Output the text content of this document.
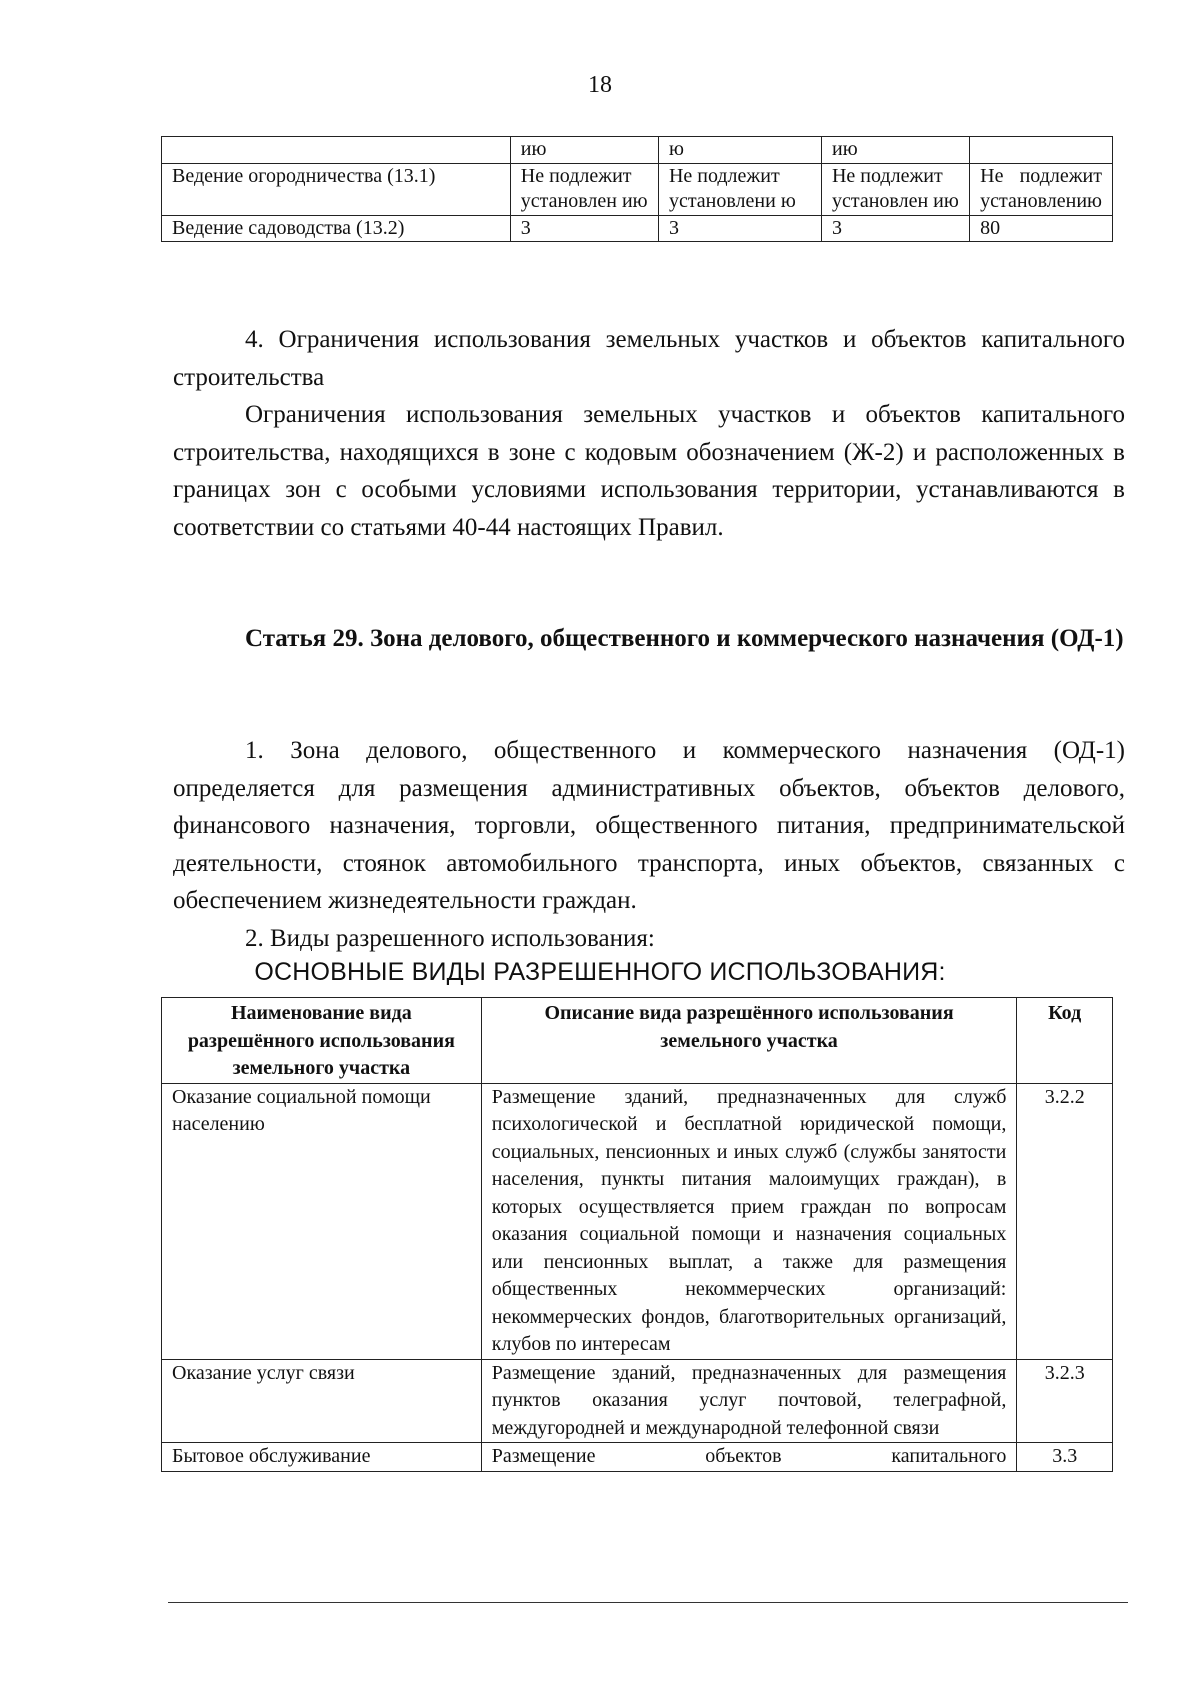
18
	ию	ю	ию	
Ведение огородничества (13.1)	Не подлежит установлен ию	Не подлежит установлени ю	Не подлежит установлен ию	Не подлежит установлению
Ведение садоводства (13.2)	3	3	3	80

4. Ограничения использования земельных участков и объектов капитального строительства

Ограничения использования земельных участков и объектов капитального строительства, находящихся в зоне с кодовым обозначением (Ж-2) и расположенных в границах зон с особыми условиями использования территории, устанавливаются в соответствии со статьями 40-44 настоящих Правил.

Статья 29. Зона делового, общественного и коммерческого назначения (ОД-1)

1. Зона делового, общественного и коммерческого назначения (ОД-1) определяется для размещения административных объектов, объектов делового, финансового назначения, торговли, общественного питания, предпринимательской деятельности, стоянок автомобильного транспорта, иных объектов, связанных с обеспечением жизнедеятельности граждан.

2. Виды разрешенного использования:

ОСНОВНЫЕ ВИДЫ РАЗРЕШЕННОГО ИСПОЛЬЗОВАНИЯ:
Наименование вида разрешённого использования земельного участка	Описание вида разрешённого использования земельного участка	Код
Оказание социальной помощи населению	Размещение зданий, предназначенных для служб психологической и бесплатной юридической помощи, социальных, пенсионных и иных служб (службы занятости населения, пункты питания малоимущих граждан), в которых осуществляется прием граждан по вопросам оказания социальной помощи и назначения социальных или пенсионных выплат, а также для размещения общественных некоммерческих организаций: некоммерческих фондов, благотворительных организаций, клубов по интересам	3.2.2
Оказание услуг связи	Размещение зданий, предназначенных для размещения пунктов оказания услуг почтовой, телеграфной, междугородней и международной телефонной связи	3.2.3
Бытовое обслуживание	Размещение объектов капитального	3.3
